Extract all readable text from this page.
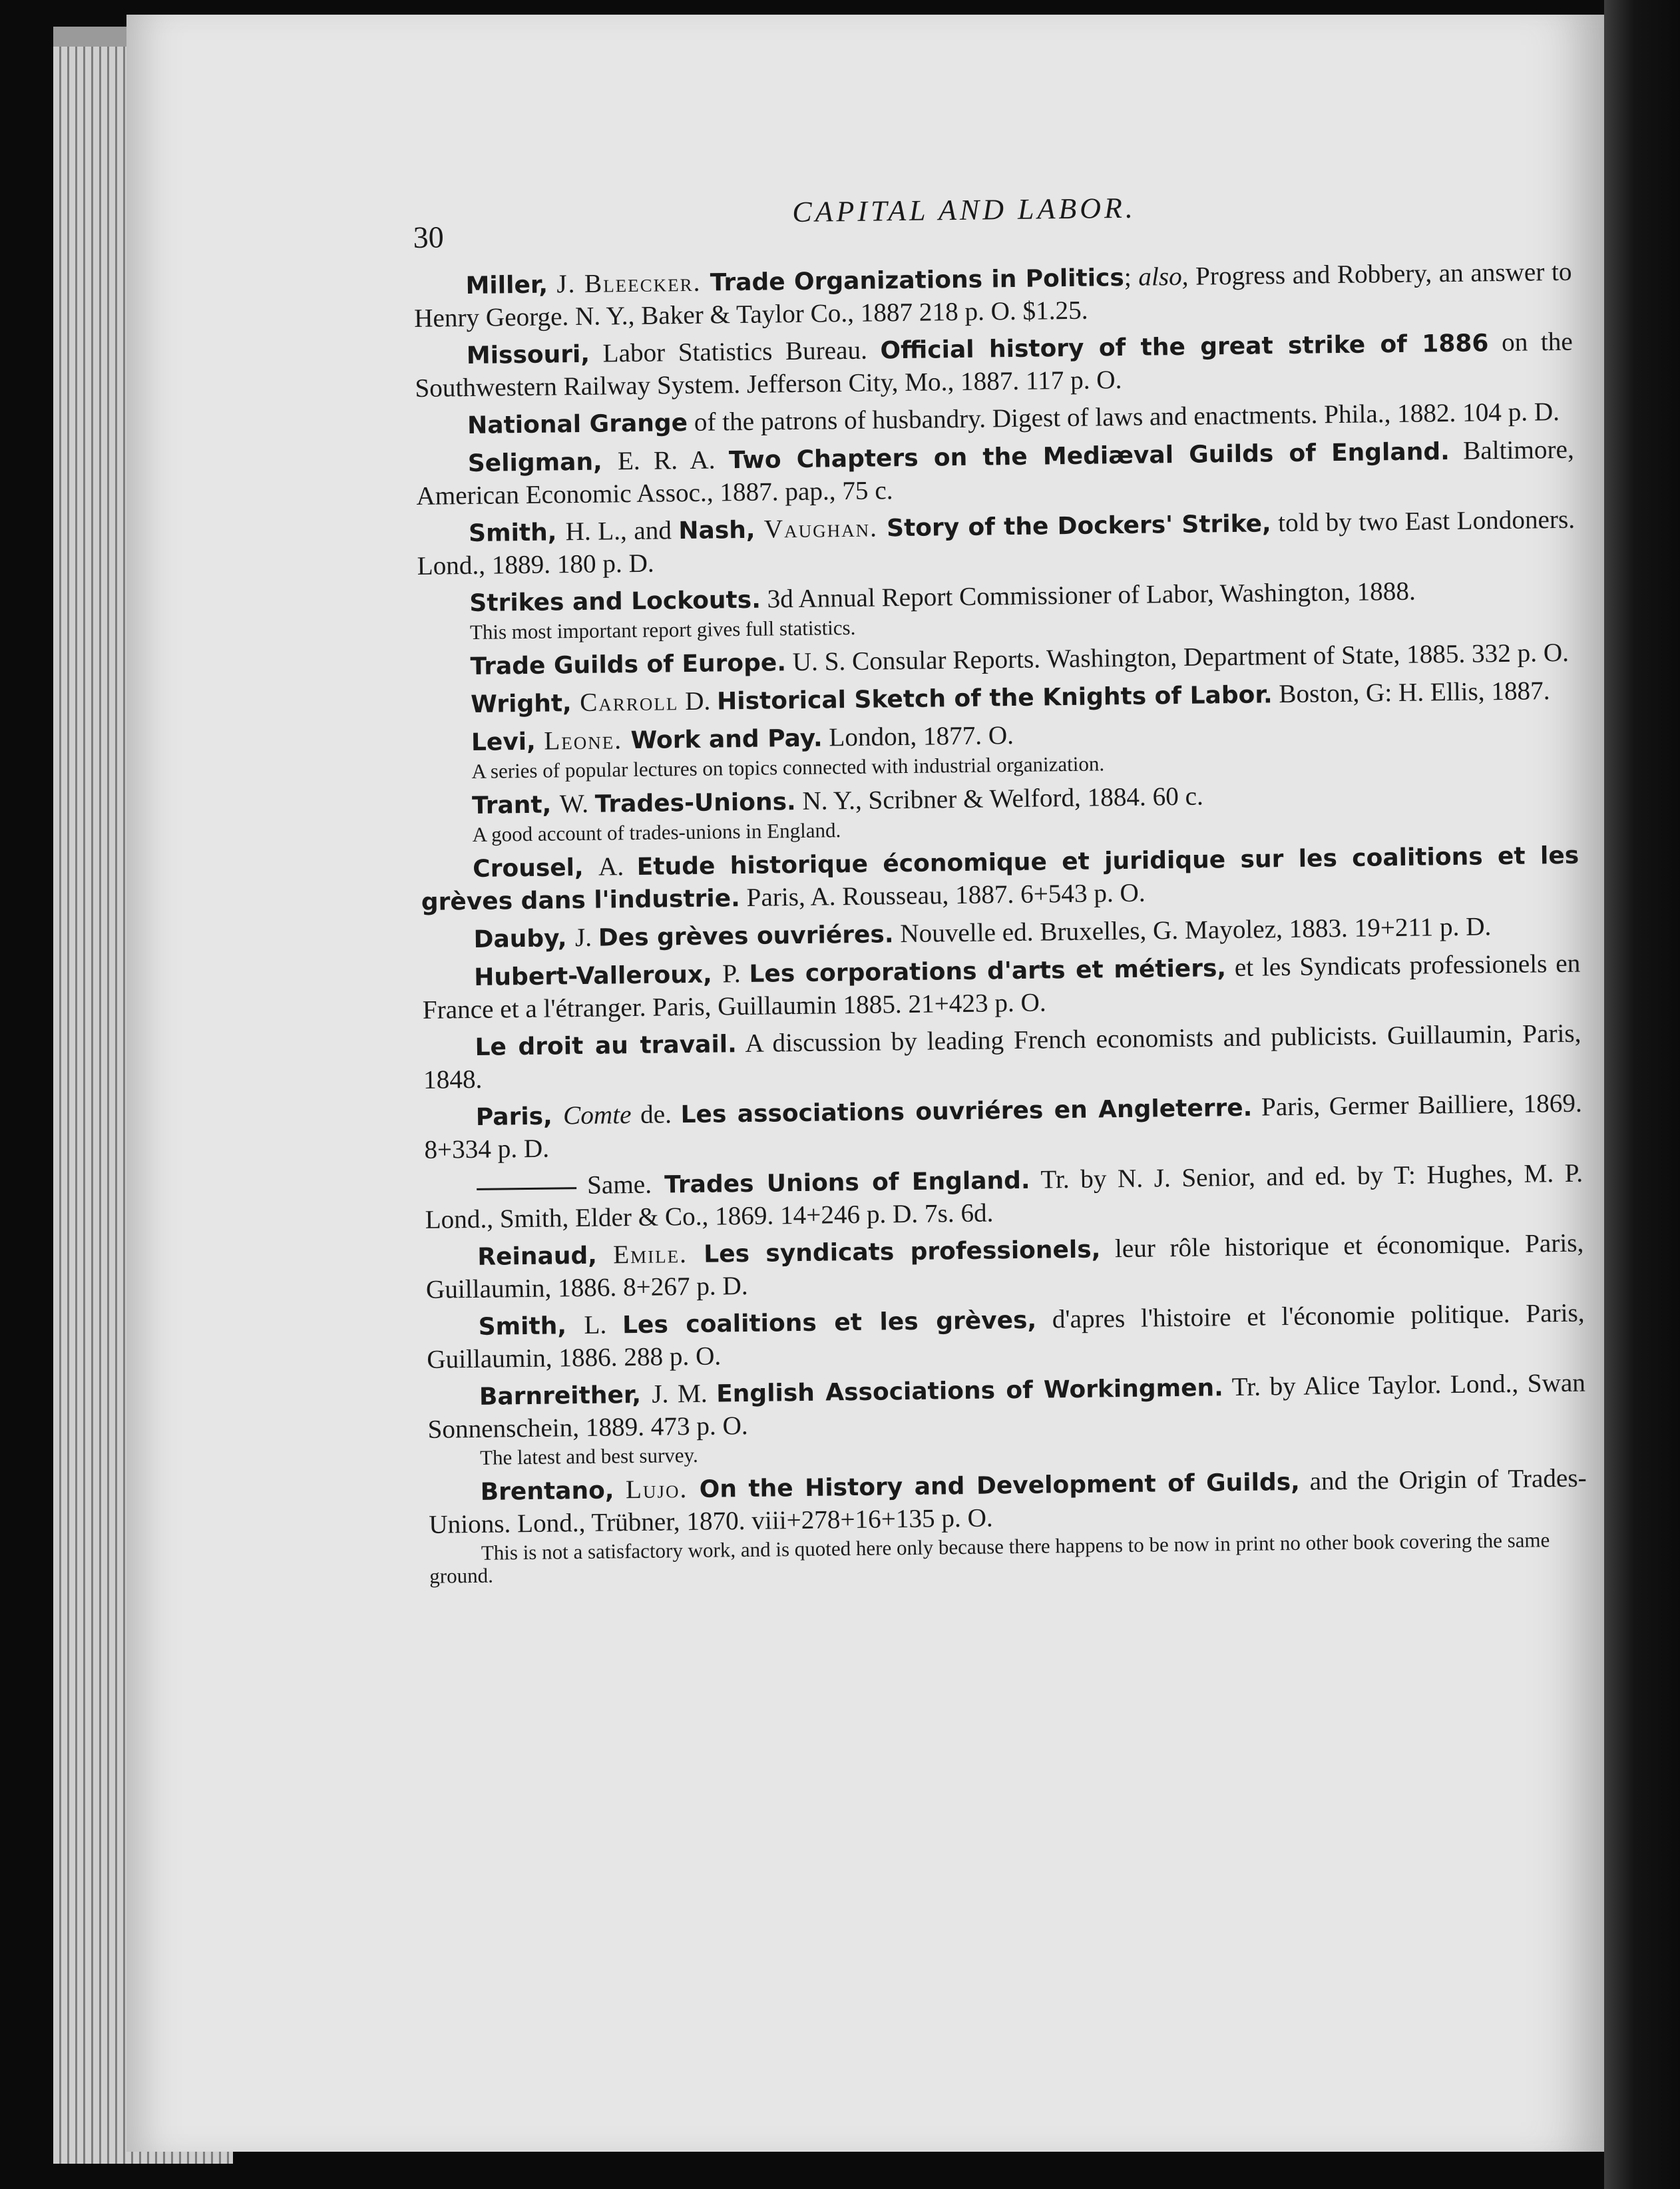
30
CAPITAL AND LABOR.
Miller, J. Bleecker. Trade Organizations in Politics; also, Progress and Robbery, an answer to Henry George. N. Y., Baker & Taylor Co., 1887 218 p. O. $1.25.
Missouri, Labor Statistics Bureau. Official history of the great strike of 1886 on the Southwestern Railway System. Jefferson City, Mo., 1887. 117 p. O.
National Grange of the patrons of husbandry. Digest of laws and enactments. Phila., 1882. 104 p. D.
Seligman, E. R. A. Two Chapters on the Mediæval Guilds of England. Baltimore, American Economic Assoc., 1887. pap., 75 c.
Smith, H. L., and Nash, Vaughan. Story of the Dockers' Strike, told by two East Londoners. Lond., 1889. 180 p. D.
Strikes and Lockouts. 3d Annual Report Commissioner of Labor, Washington, 1888.
This most important report gives full statistics.
Trade Guilds of Europe. U. S. Consular Reports. Washington, Department of State, 1885. 332 p. O.
Wright, Carroll D. Historical Sketch of the Knights of Labor. Boston, G: H. Ellis, 1887.
Levi, Leone. Work and Pay. London, 1877. O.
A series of popular lectures on topics connected with industrial organization.
Trant, W. Trades-Unions. N. Y., Scribner & Welford, 1884. 60 c.
A good account of trades-unions in England.
Crousel, A. Etude historique économique et juridique sur les coalitions et les grèves dans l'industrie. Paris, A. Rousseau, 1887. 6+543 p. O.
Dauby, J. Des grèves ouvriéres. Nouvelle ed. Bruxelles, G. Mayolez, 1883. 19+211 p. D.
Hubert-Valleroux, P. Les corporations d'arts et métiers, et les Syndicats professionels en France et a l'étranger. Paris, Guillaumin 1885. 21+423 p. O.
Le droit au travail. A discussion by leading French economists and publicists. Guillaumin, Paris, 1848.
Paris, Comte de. Les associations ouvriéres en Angleterre. Paris, Germer Bailliere, 1869. 8+334 p. D.
Same. Trades Unions of England. Tr. by N. J. Senior, and ed. by T: Hughes, M. P. Lond., Smith, Elder & Co., 1869. 14+246 p. D. 7s. 6d.
Reinaud, Emile. Les syndicats professionels, leur rôle historique et économique. Paris, Guillaumin, 1886. 8+267 p. D.
Smith, L. Les coalitions et les grèves, d'apres l'histoire et l'économie politique. Paris, Guillaumin, 1886. 288 p. O.
Barnreither, J. M. English Associations of Workingmen. Tr. by Alice Taylor. Lond., Swan Sonnenschein, 1889. 473 p. O.
The latest and best survey.
Brentano, Lujo. On the History and Development of Guilds, and the Origin of Trades-Unions. Lond., Trübner, 1870. viii+278+16+135 p. O.
This is not a satisfactory work, and is quoted here only because there happens to be now in print no other book covering the same ground.
